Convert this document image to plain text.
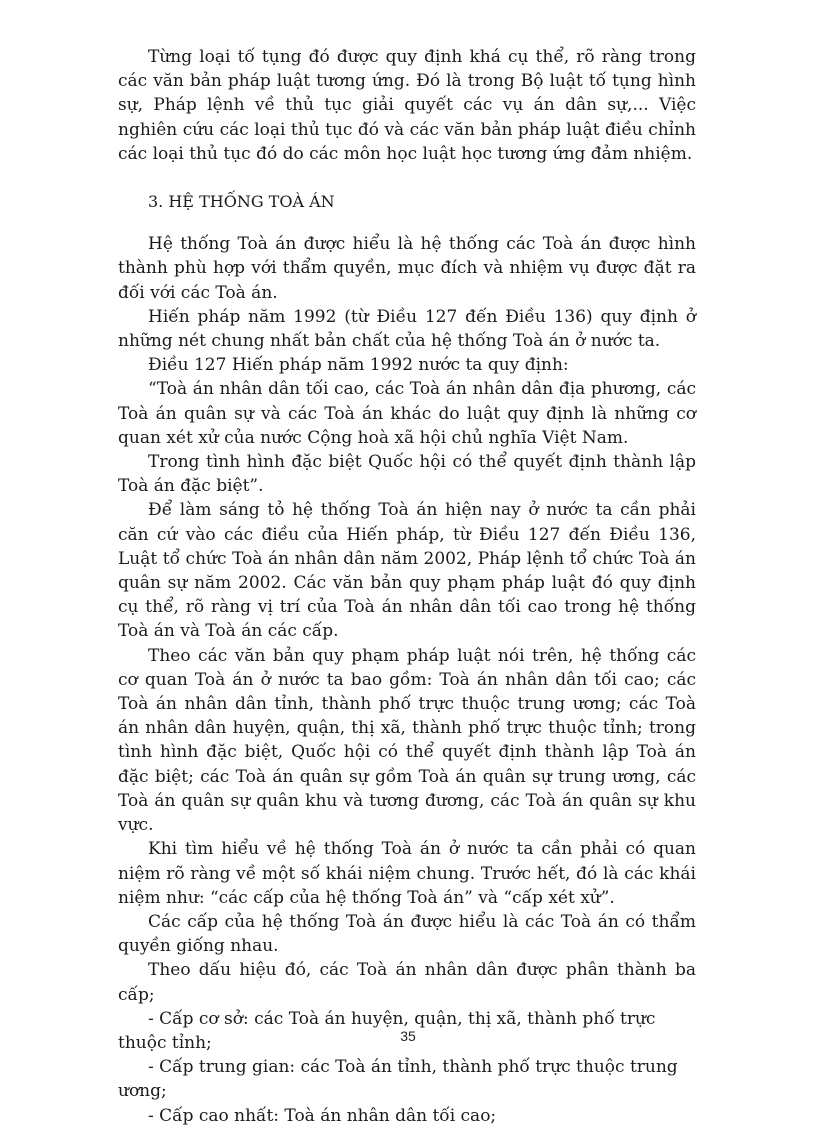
Từng loại tố tụng đó được quy định khá cụ thể, rõ ràng trong các văn bản pháp luật tương ứng. Đó là trong Bộ luật tố tụng hình sự, Pháp lệnh về thủ tục giải quyết các vụ án dân sự,... Việc nghiên cứu các loại thủ tục đó và các văn bản pháp luật điều chỉnh các loại thủ tục đó do các môn học luật học tương ứng đảm nhiệm.

3. HỆ THỐNG TOÀ ÁN

Hệ thống Toà án được hiểu là hệ thống các Toà án được hình thành phù hợp với thẩm quyền, mục đích và nhiệm vụ được đặt ra đối với các Toà án.

Hiến pháp năm 1992 (từ Điều 127 đến Điều 136) quy định ở những nét chung nhất bản chất của hệ thống Toà án ở nước ta.

Điều 127 Hiến pháp năm 1992 nước ta quy định:

“Toà án nhân dân tối cao, các Toà án nhân dân địa phương, các Toà án quân sự và các Toà án khác do luật quy định là những cơ quan xét xử của nước Cộng hoà xã hội chủ nghĩa Việt Nam.

Trong tình hình đặc biệt Quốc hội có thể quyết định thành lập Toà án đặc biệt”.

Để làm sáng tỏ hệ thống Toà án hiện nay ở nước ta cần phải căn cứ vào các điều của Hiến pháp, từ Điều 127 đến Điều 136, Luật tổ chức Toà án nhân dân năm 2002, Pháp lệnh tổ chức Toà án quân sự năm 2002. Các văn bản quy phạm pháp luật đó quy định cụ thể, rõ ràng vị trí của Toà án nhân dân tối cao trong hệ thống Toà án và Toà án các cấp.

Theo các văn bản quy phạm pháp luật nói trên, hệ thống các cơ quan Toà án ở nước ta bao gồm: Toà án nhân dân tối cao; các Toà án nhân dân tỉnh, thành phố trực thuộc trung ương; các Toà án nhân dân huyện, quận, thị xã, thành phố trực thuộc tỉnh; trong tình hình đặc biệt, Quốc hội có thể quyết định thành lập Toà án đặc biệt; các Toà án quân sự gồm Toà án quân sự trung ương, các Toà án quân sự quân khu và tương đương, các Toà án quân sự khu vực.

Khi tìm hiểu về hệ thống Toà án ở nước ta cần phải có quan niệm rõ ràng về một số khái niệm chung. Trước hết, đó là các khái niệm như: “các cấp của hệ thống Toà án” và “cấp xét xử”.

Các cấp của hệ thống Toà án được hiểu là các Toà án có thẩm quyền giống nhau.

Theo dấu hiệu đó, các Toà án nhân dân được phân thành ba cấp;

- Cấp cơ sở: các Toà án huyện, quận, thị xã, thành phố trực thuộc tỉnh;

- Cấp trung gian: các Toà án tỉnh, thành phố trực thuộc trung ương;

- Cấp cao nhất: Toà án nhân dân tối cao;

35
